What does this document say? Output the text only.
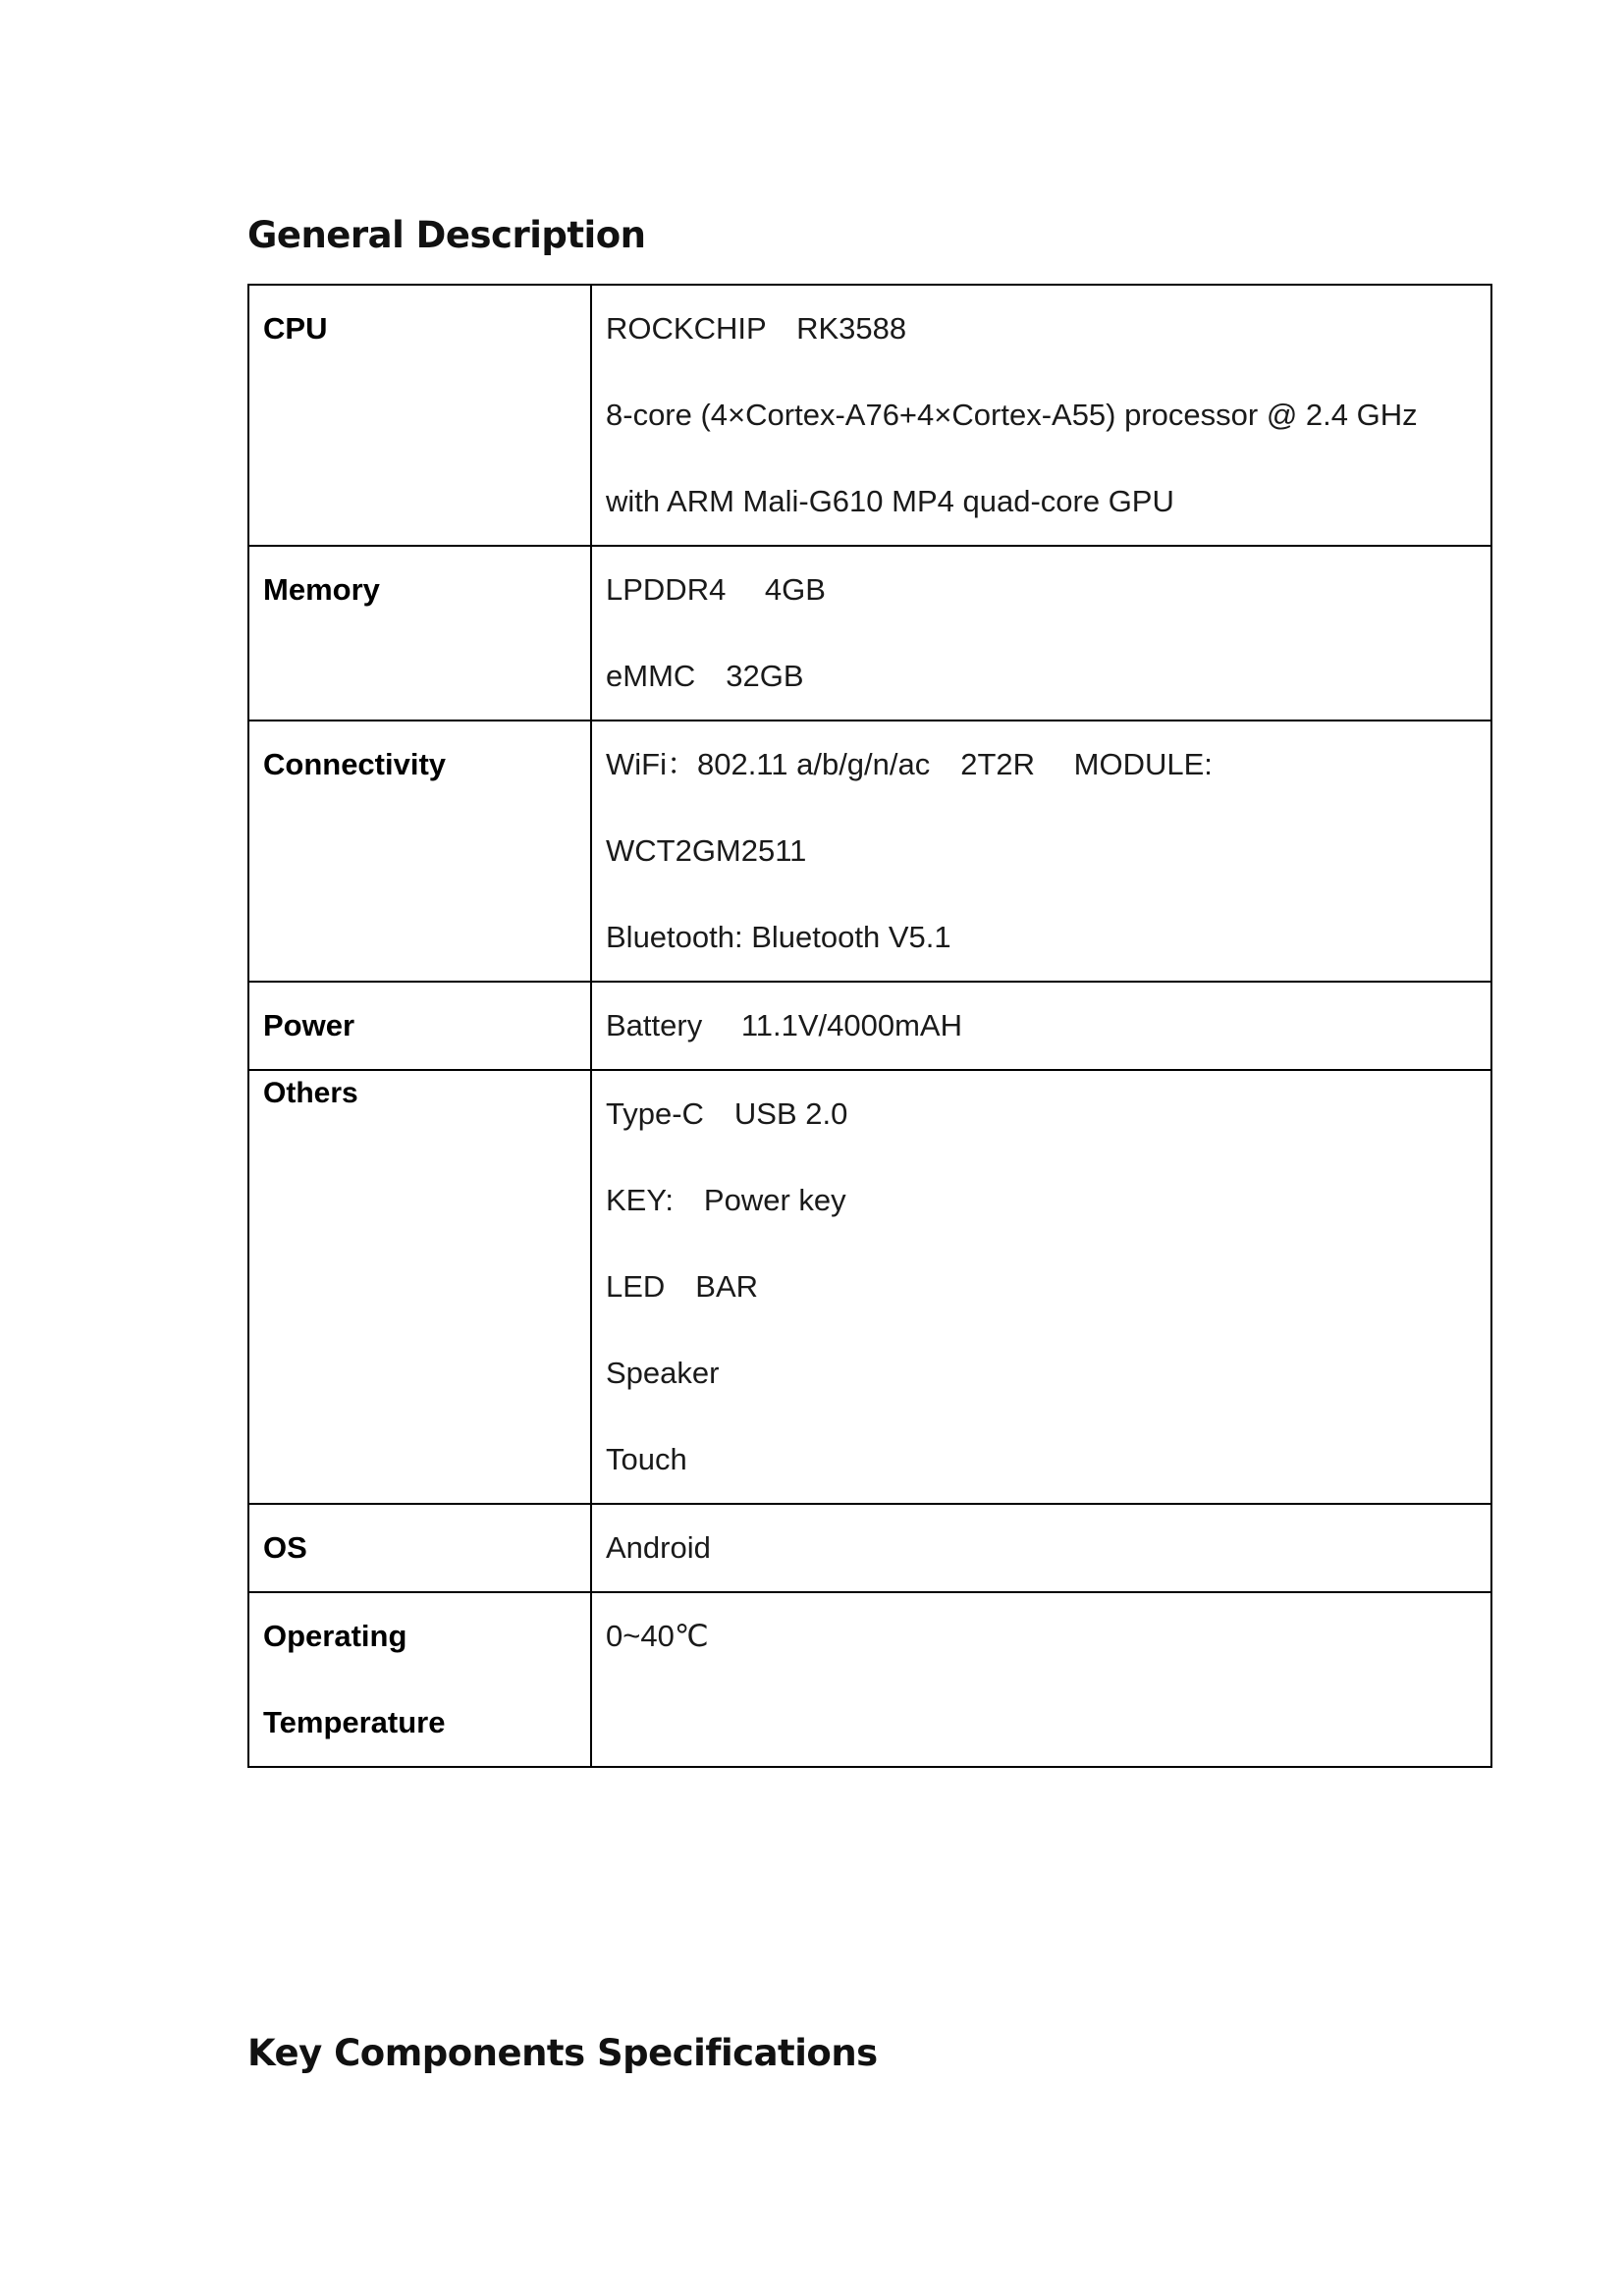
General Description
CPU	ROCKCHIP　RK3588
8-core (4×Cortex-A76+4×Cortex-A55) processor @ 2.4 GHz
with ARM Mali-G610 MP4 quad-core GPU

Memory	LPDDR4　 4GB
eMMC　32GB

Connectivity	WiFi：802.11 a/b/g/n/ac　2T2R　 MODULE:
WCT2GM2511
Bluetooth: Bluetooth V5.1

Power	Battery　 11.1V/4000mAH

Others	Type-C　USB 2.0
KEY:　Power key
LED　BAR
Speaker
Touch

OS	Android

Operating
Temperature	0~40℃
Key Components Specifications
